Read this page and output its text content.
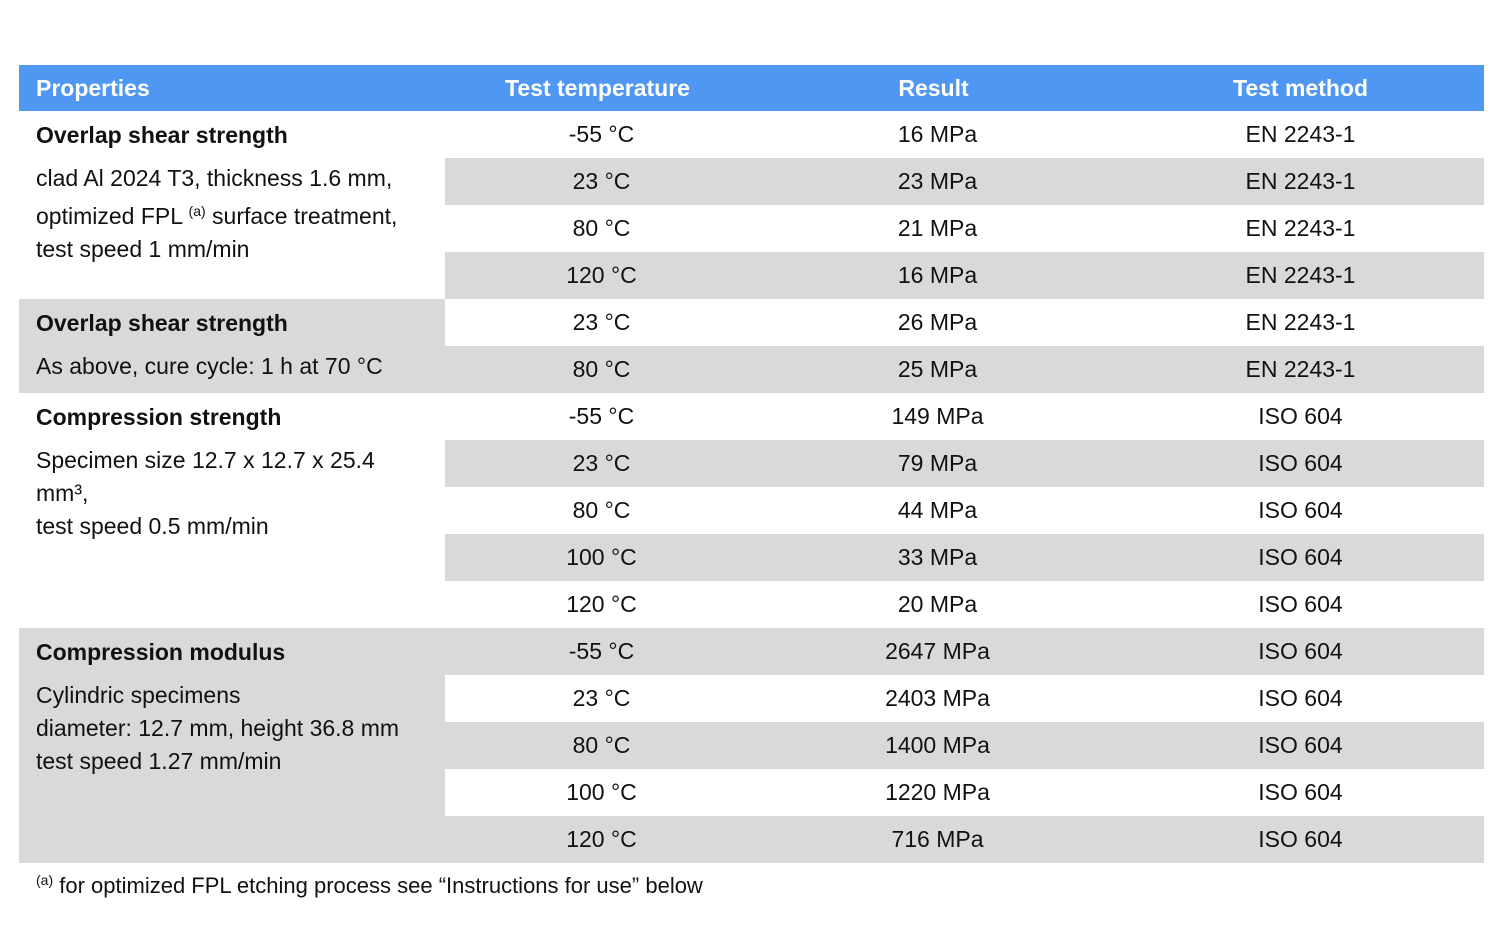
Properties	Test temperature	Result	Test method
Overlap shear strength
clad Al 2024 T3, thickness 1.6 mm,
optimized FPL $^{(a)}$ surface treatment,
test speed 1 mm/min
-55 °C	16 MPa	EN 2243-1
23 °C	23 MPa	EN 2243-1
80 °C	21 MPa	EN 2243-1
120 °C	16 MPa	EN 2243-1
Overlap shear strength
As above, cure cycle: 1 h at 70 °C
23 °C	26 MPa	EN 2243-1
80 °C	25 MPa	EN 2243-1
Compression strength
Specimen size 12.7 x 12.7 x 25.4 mm³,
test speed 0.5 mm/min
-55 °C	149 MPa	ISO 604
23 °C	79 MPa	ISO 604
80 °C	44 MPa	ISO 604
100 °C	33 MPa	ISO 604
120 °C	20 MPa	ISO 604
Compression modulus
Cylindric specimens
diameter: 12.7 mm, height 36.8 mm
test speed 1.27 mm/min
-55 °C	2647 MPa	ISO 604
23 °C	2403 MPa	ISO 604
80 °C	1400 MPa	ISO 604
100 °C	1220 MPa	ISO 604
120 °C	716 MPa	ISO 604
$^{(a)}$ for optimized FPL etching process see “Instructions for use” below
